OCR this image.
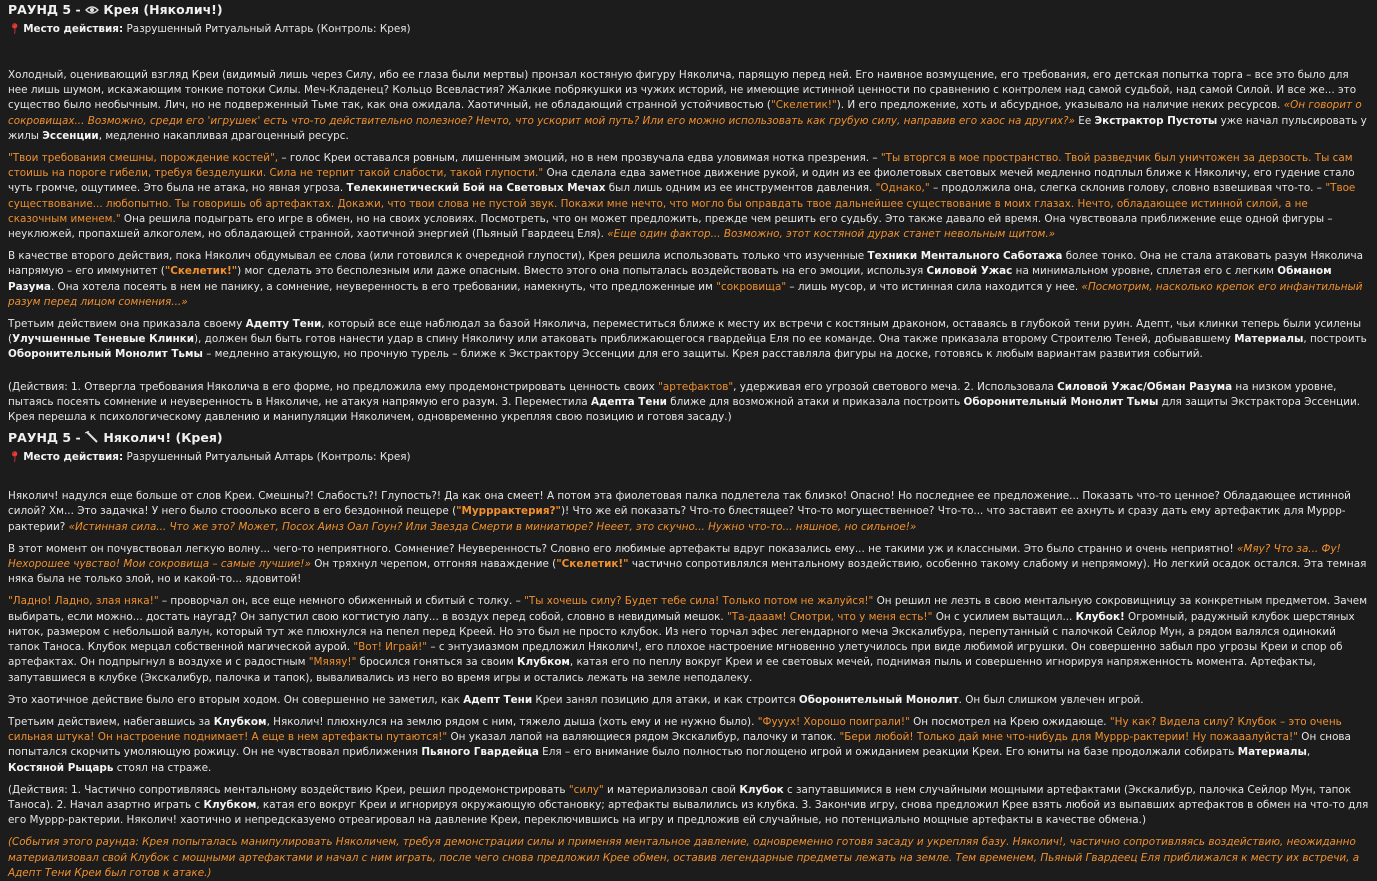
РАУНД 5 - Крея (Няколич!)

📍︎ Место действия: Разрушенный Ритуальный Алтарь (Контроль: Крея)

Холодный, оценивающий взгляд Креи (видимый лишь через Силу, ибо ее глаза были мертвы) пронзал костяную фигуру Няколича, парящую перед ней. Его наивное возмущение, его требования, его детская попытка торга – все это было для нее лишь шумом, искажающим тонкие потоки Силы. Меч-Кладенец? Кольцо Всевластия? Жалкие побрякушки из чужих историй, не имеющие истинной ценности по сравнению с контролем над самой судьбой, над самой Силой. И все же... это существо было необычным. Лич, но не подверженный Тьме так, как она ожидала. Хаотичный, не обладающий странной устойчивостью ("Скелетик!"). И его предложение, хоть и абсурдное, указывало на наличие неких ресурсов. «Он говорит о сокровищах... Возможно, среди его 'игрушек' есть что-то действительно полезное? Нечто, что ускорит мой путь? Или его можно использовать как грубую силу, направив его хаос на других?» Ее Экстрактор Пустоты уже начал пульсировать у жилы Эссенции, медленно накапливая драгоценный ресурс.

"Твои требования смешны, порождение костей", – голос Креи оставался ровным, лишенным эмоций, но в нем прозвучала едва уловимая нотка презрения. – "Ты вторгся в мое пространство. Твой разведчик был уничтожен за дерзость. Ты сам стоишь на пороге гибели, требуя безделушки. Сила не терпит такой слабости, такой глупости." Она сделала едва заметное движение рукой, и один из ее фиолетовых световых мечей медленно подплыл ближе к Няколичу, его гудение стало чуть громче, ощутимее. Это была не атака, но явная угроза. Телекинетический Бой на Световых Мечах был лишь одним из ее инструментов давления. "Однако," – продолжила она, слегка склонив голову, словно взвешивая что-то. – "Твое существование... любопытно. Ты говоришь об артефактах. Докажи, что твои слова не пустой звук. Покажи мне нечто, что могло бы оправдать твое дальнейшее существование в моих глазах. Нечто, обладающее истинной силой, а не сказочным именем." Она решила подыграть его игре в обмен, но на своих условиях. Посмотреть, что он может предложить, прежде чем решить его судьбу. Это также давало ей время. Она чувствовала приближение еще одной фигуры – неуклюжей, пропахшей алкоголем, но обладающей странной, хаотичной энергией (Пьяный Гвардеец Еля). «Еще один фактор... Возможно, этот костяной дурак станет невольным щитом.»

В качестве второго действия, пока Няколич обдумывал ее слова (или готовился к очередной глупости), Крея решила использовать только что изученные Техники Ментального Саботажа более тонко. Она не стала атаковать разум Няколича напрямую – его иммунитет ("Скелетик!") мог сделать это бесполезным или даже опасным. Вместо этого она попыталась воздействовать на его эмоции, используя Силовой Ужас на минимальном уровне, сплетая его с легким Обманом Разума. Она хотела посеять в нем не панику, а сомнение, неуверенность в его требовании, намекнуть, что предложенные им "сокровища" – лишь мусор, и что истинная сила находится у нее. «Посмотрим, насколько крепок его инфантильный разум перед лицом сомнения...»

Третьим действием она приказала своему Адепту Тени, который все еще наблюдал за базой Няколича, переместиться ближе к месту их встречи с костяным драконом, оставаясь в глубокой тени руин. Адепт, чьи клинки теперь были усилены (Улучшенные Теневые Клинки), должен был быть готов нанести удар в спину Няколичу или атаковать приближающегося гвардейца Еля по ее команде. Она также приказала второму Строителю Теней, добывавшему Материалы, построить Оборонительный Монолит Тьмы – медленно атакующую, но прочную турель – ближе к Экстрактору Эссенции для его защиты. Крея расставляла фигуры на доске, готовясь к любым вариантам развития событий.

(Действия: 1. Отвергла требования Няколича в его форме, но предложила ему продемонстрировать ценность своих "артефактов", удерживая его угрозой светового меча. 2. Использовала Силовой Ужас/Обман Разума на низком уровне, пытаясь посеять сомнение и неуверенность в Няколиче, не атакуя напрямую его разум. 3. Переместила Адепта Тени ближе для возможной атаки и приказала построить Оборонительный Монолит Тьмы для защиты Экстрактора Эссенции. Крея перешла к психологическому давлению и манипуляции Няколичем, одновременно укрепляя свою позицию и готовя засаду.)

РАУНД 5 - Няколич! (Крея)

📍︎ Место действия: Разрушенный Ритуальный Алтарь (Контроль: Крея)

Няколич! надулся еще больше от слов Креи. Смешны?! Слабость?! Глупость?! Да как она смеет! А потом эта фиолетовая палка подлетела так близко! Опасно! Но последнее ее предложение... Показать что-то ценное? Обладающее истинной силой? Хм... Это задачка! У него было стооолько всего в его бездонной пещере ("Мурррактерия?")! Что же ей показать? Что-то блестящее? Что-то могущественное? Что-то... что заставит ее ахнуть и сразу дать ему артефактик для Муррр-рактерии? «Истинная сила... Что же это? Может, Посох Аинз Оал Гоун? Или Звезда Смерти в миниатюре? Нееет, это скучно... Нужно что-то... няшное, но сильное!»

В этот момент он почувствовал легкую волну... чего-то неприятного. Сомнение? Неуверенность? Словно его любимые артефакты вдруг показались ему... не такими уж и классными. Это было странно и очень неприятно! «Мяу? Что за... Фу! Нехорошее чувство! Мои сокровища – самые лучшие!» Он тряхнул черепом, отгоняя наваждение ("Скелетик!" частично сопротивлялся ментальному воздействию, особенно такому слабому и непрямому). Но легкий осадок остался. Эта темная няка была не только злой, но и какой-то... ядовитой!

"Ладно! Ладно, злая няка!" – проворчал он, все еще немного обиженный и сбитый с толку. – "Ты хочешь силу? Будет тебе сила! Только потом не жалуйся!" Он решил не лезть в свою ментальную сокровищницу за конкретным предметом. Зачем выбирать, если можно... достать наугад? Он запустил свою когтистую лапу... в воздух перед собой, словно в невидимый мешок. "Та-дааам! Смотри, что у меня есть!" Он с усилием вытащил... Клубок! Огромный, радужный клубок шерстяных ниток, размером с небольшой валун, который тут же плюхнулся на пепел перед Креей. Но это был не просто клубок. Из него торчал эфес легендарного меча Экскалибура, перепутанный с палочкой Сейлор Мун, а рядом валялся одинокий тапок Таноса. Клубок мерцал собственной магической аурой. "Вот! Играй!" – с энтузиазмом предложил Няколич!, его плохое настроение мгновенно улетучилось при виде любимой игрушки. Он совершенно забыл про угрозы Креи и спор об артефактах. Он подпрыгнул в воздухе и с радостным "Мяяяу!" бросился гоняться за своим Клубком, катая его по пеплу вокруг Креи и ее световых мечей, поднимая пыль и совершенно игнорируя напряженность момента. Артефакты, запутавшиеся в клубке (Экскалибур, палочка и тапок), вываливались из него во время игры и остались лежать на земле неподалеку.

Это хаотичное действие было его вторым ходом. Он совершенно не заметил, как Адепт Тени Креи занял позицию для атаки, и как строится Оборонительный Монолит. Он был слишком увлечен игрой.

Третьим действием, набегавшись за Клубком, Няколич! плюхнулся на землю рядом с ним, тяжело дыша (хоть ему и не нужно было). "Фууух! Хорошо поиграли!" Он посмотрел на Крею ожидающе. "Ну как? Видела силу? Клубок – это очень сильная штука! Он настроение поднимает! А еще в нем артефакты путаются!" Он указал лапой на валяющиеся рядом Экскалибур, палочку и тапок. "Бери любой! Только дай мне что-нибудь для Муррр-рактерии! Ну пожааалуйста!" Он снова попытался скорчить умоляющую рожицу. Он не чувствовал приближения Пьяного Гвардейца Еля – его внимание было полностью поглощено игрой и ожиданием реакции Креи. Его юниты на базе продолжали собирать Материалы, Костяной Рыцарь стоял на страже.

(Действия: 1. Частично сопротивляясь ментальному воздействию Креи, решил продемонстрировать "силу" и материализовал свой Клубок с запутавшимися в нем случайными мощными артефактами (Экскалибур, палочка Сейлор Мун, тапок Таноса). 2. Начал азартно играть с Клубком, катая его вокруг Креи и игнорируя окружающую обстановку; артефакты вывалились из клубка. 3. Закончив игру, снова предложил Крее взять любой из выпавших артефактов в обмен на что-то для его Муррр-рактерии. Няколич! хаотично и непредсказуемо отреагировал на давление Креи, переключившись на игру и предложив ей случайные, но потенциально мощные артефакты в качестве обмена.)

(События этого раунда: Крея попыталась манипулировать Няколичем, требуя демонстрации силы и применяя ментальное давление, одновременно готовя засаду и укрепляя базу. Няколич!, частично сопротивляясь воздействию, неожиданно материализовал свой Клубок с мощными артефактами и начал с ним играть, после чего снова предложил Крее обмен, оставив легендарные предметы лежать на земле. Тем временем, Пьяный Гвардеец Еля приближался к месту их встречи, а Адепт Тени Креи был готов к атаке.)
